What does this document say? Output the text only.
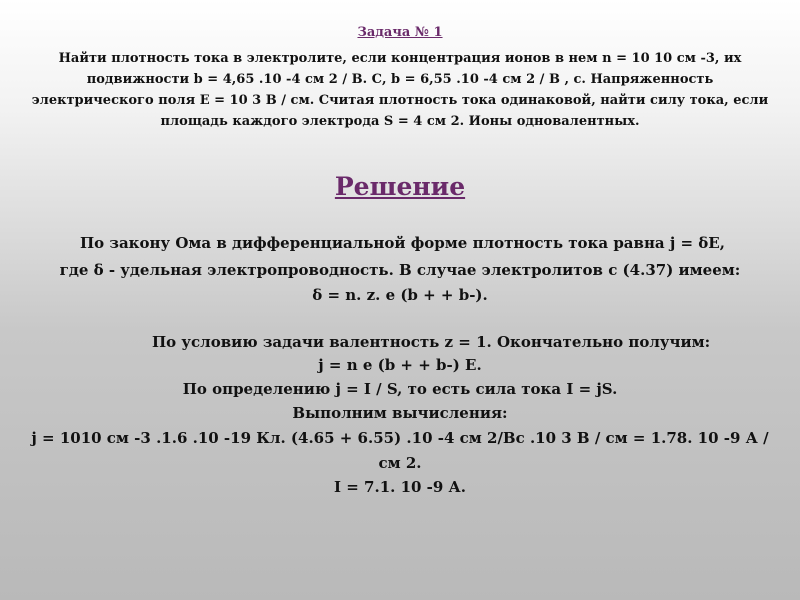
Задача № 1
Найти плотность тока в электролите, если концентрация ионов в нем n = 10 10 см -3, их подвижности b = 4,65 .10 -4 см 2 / В. С, b = 6,55 .10 -4 см 2 / В , с. Напряженность электрического поля E = 10 3 В / см. Считая плотность тока одинаковой, найти силу тока, если площадь каждого электрода S = 4 см 2. Ионы одновалентных.
Решение
По закону Ома в дифференциальной форме плотность тока равна j = δE,
где δ - удельная электропроводность. В случае электролитов с (4.37) имеем:
δ = n. z. e (b + + b-).
По условию задачи валентность z = 1. Окончательно получим:
j = n e (b + + b-) E.
По определению j = I / S, то есть сила тока I = jS.
Выполним вычисления:
j = 1010 см -3 .1.6 .10 -19 Кл. (4.65 + 6.55) .10 -4 см 2/Вс .10 3 В / см = 1.78. 10 -9 А /
см 2.
I = 7.1. 10 -9 А.
